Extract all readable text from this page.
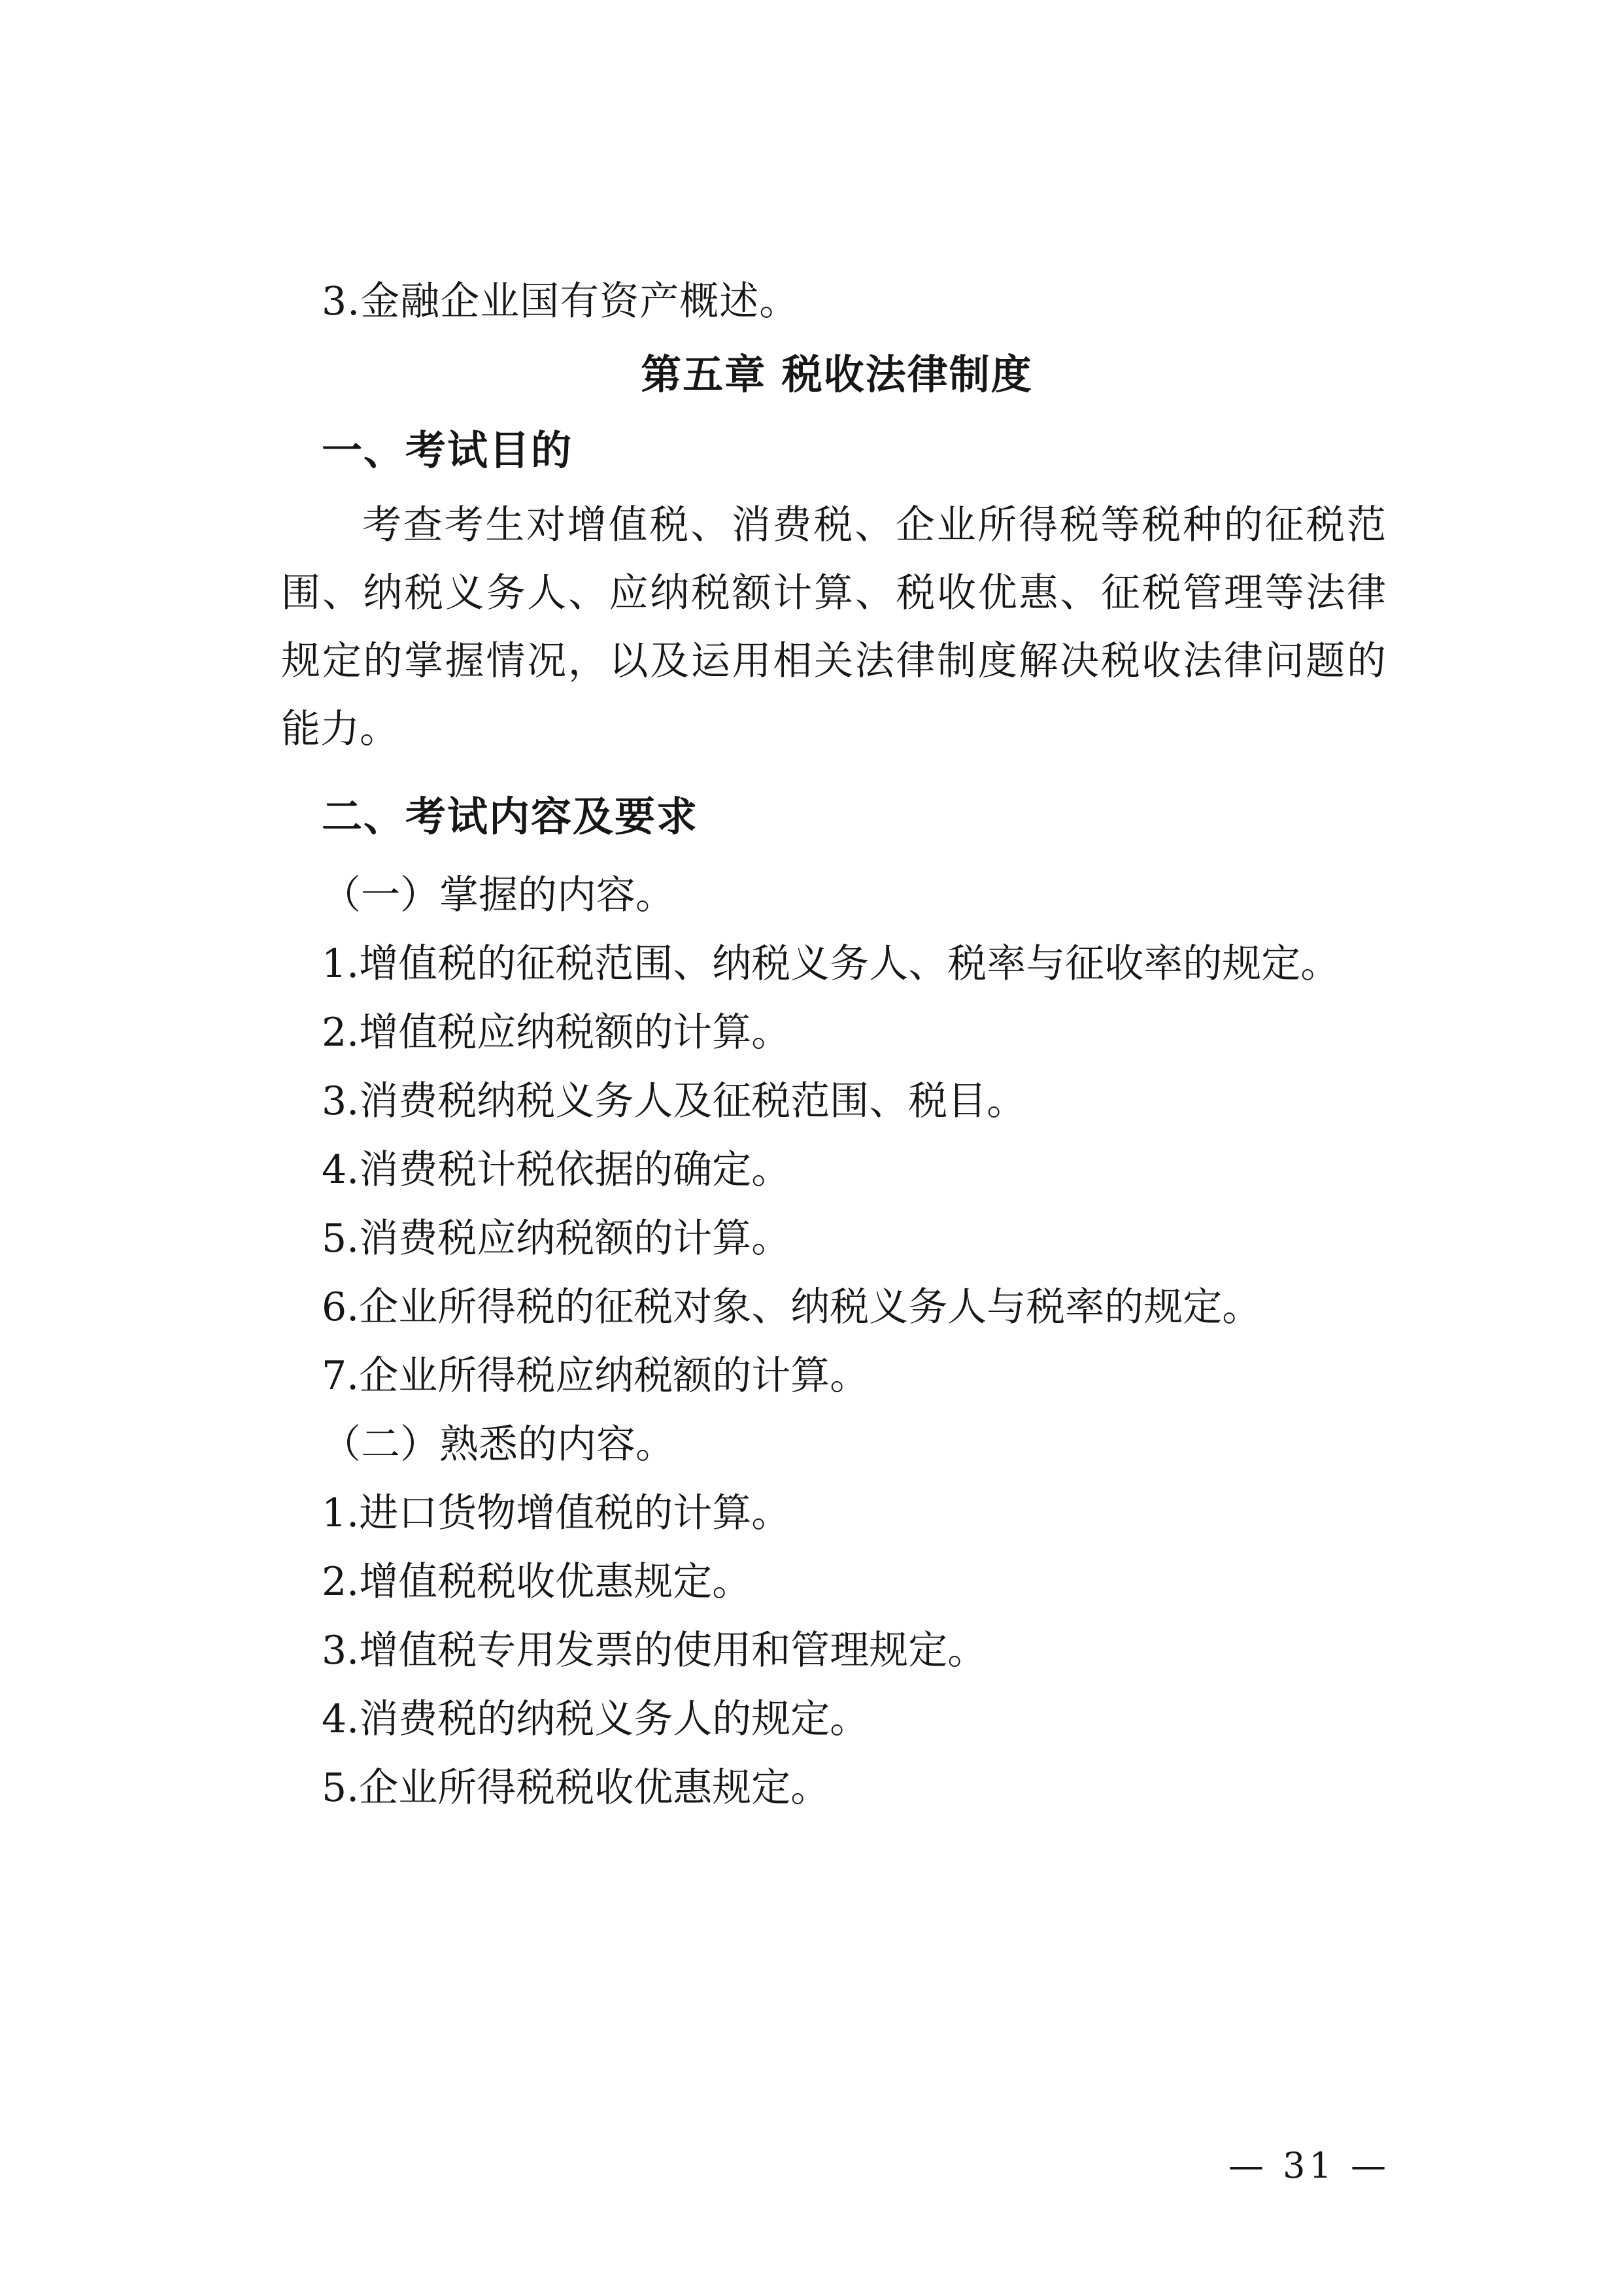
3.金融企业国有资产概述。
第五章 税收法律制度
一、考试目的
考查考生对增值税、消费税、企业所得税等税种的征税范
围、纳税义务人、应纳税额计算、税收优惠、征税管理等法律
规定的掌握情况，以及运用相关法律制度解决税收法律问题的
能力。
二、考试内容及要求
（一）掌握的内容。
1.增值税的征税范围、纳税义务人、税率与征收率的规定。
2.增值税应纳税额的计算。
3.消费税纳税义务人及征税范围、税目。
4.消费税计税依据的确定。
5.消费税应纳税额的计算。
6.企业所得税的征税对象、纳税义务人与税率的规定。
7.企业所得税应纳税额的计算。
（二）熟悉的内容。
1.进口货物增值税的计算。
2.增值税税收优惠规定。
3.增值税专用发票的使用和管理规定。
4.消费税的纳税义务人的规定。
5.企业所得税税收优惠规定。
— 31 —
